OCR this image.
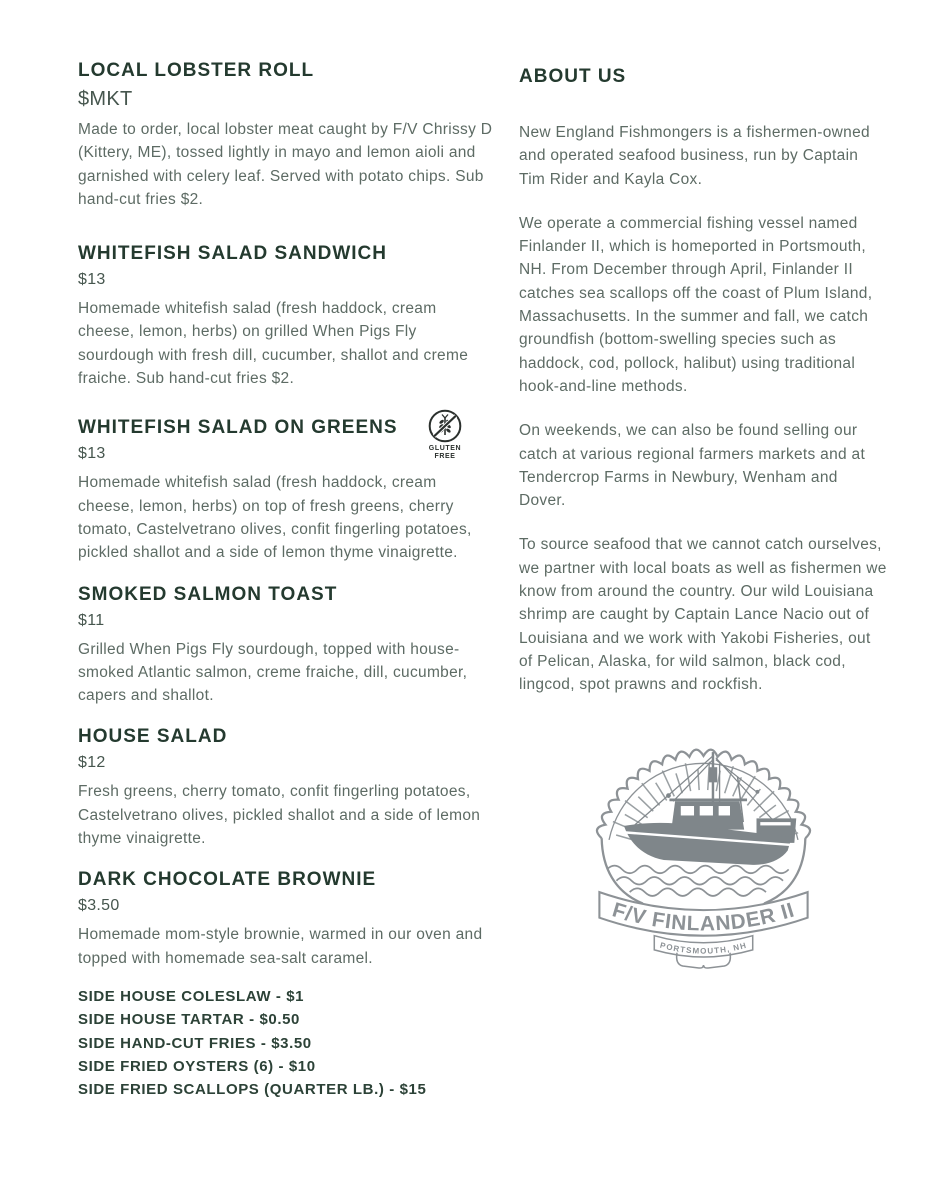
LOCAL LOBSTER ROLL
$MKT

Made to order, local lobster meat caught by F/V Chrissy D (Kittery, ME), tossed lightly in mayo and lemon aioli and garnished with celery leaf. Served with potato chips. Sub hand-cut fries $2.

WHITEFISH SALAD SANDWICH
$13

Homemade whitefish salad (fresh haddock, cream cheese, lemon, herbs) on grilled When Pigs Fly sourdough with fresh dill, cucumber, shallot and creme fraiche. Sub hand-cut fries $2.

WHITEFISH SALAD ON GREENS
GLUTEN
FREE
$13

Homemade whitefish salad (fresh haddock, cream cheese, lemon, herbs) on top of fresh greens, cherry tomato, Castelvetrano olives, confit fingerling potatoes, pickled shallot and a side of lemon thyme vinaigrette.

SMOKED SALMON TOAST
$11

Grilled When Pigs Fly sourdough, topped with house-smoked Atlantic salmon, creme fraiche, dill, cucumber, capers and shallot.

HOUSE SALAD
$12

Fresh greens, cherry tomato, confit fingerling potatoes, Castelvetrano olives, pickled shallot and a side of lemon thyme vinaigrette.

DARK CHOCOLATE BROWNIE
$3.50

Homemade mom-style brownie, warmed in our oven and topped with homemade sea-salt caramel.

SIDE HOUSE COLESLAW - $1
SIDE HOUSE TARTAR - $0.50
SIDE HAND-CUT FRIES - $3.50
SIDE FRIED OYSTERS (6) - $10
SIDE FRIED SCALLOPS (QUARTER LB.) - $15
ABOUT US

New England Fishmongers is a fishermen-owned and operated seafood business, run by Captain Tim Rider and Kayla Cox.

We operate a commercial fishing vessel named Finlander II, which is homeported in Portsmouth, NH. From December through April, Finlander II catches sea scallops off the coast of Plum Island, Massachusetts. In the summer and fall, we catch groundfish (bottom-swelling species such as haddock, cod, pollock, halibut) using traditional hook-and-line methods.

On weekends, we can also be found selling our catch at various regional farmers markets and at Tendercrop Farms in Newbury, Wenham and Dover.

To source seafood that we cannot catch ourselves, we partner with local boats as well as fishermen we know from around the country. Our wild Louisiana shrimp are caught by Captain Lance Nacio out of Louisiana and we work with Yakobi Fisheries, out of Pelican, Alaska, for wild salmon, black cod, lingcod, spot prawns and rockfish.

F/V FINLANDER II
PORTSMOUTH, NH
